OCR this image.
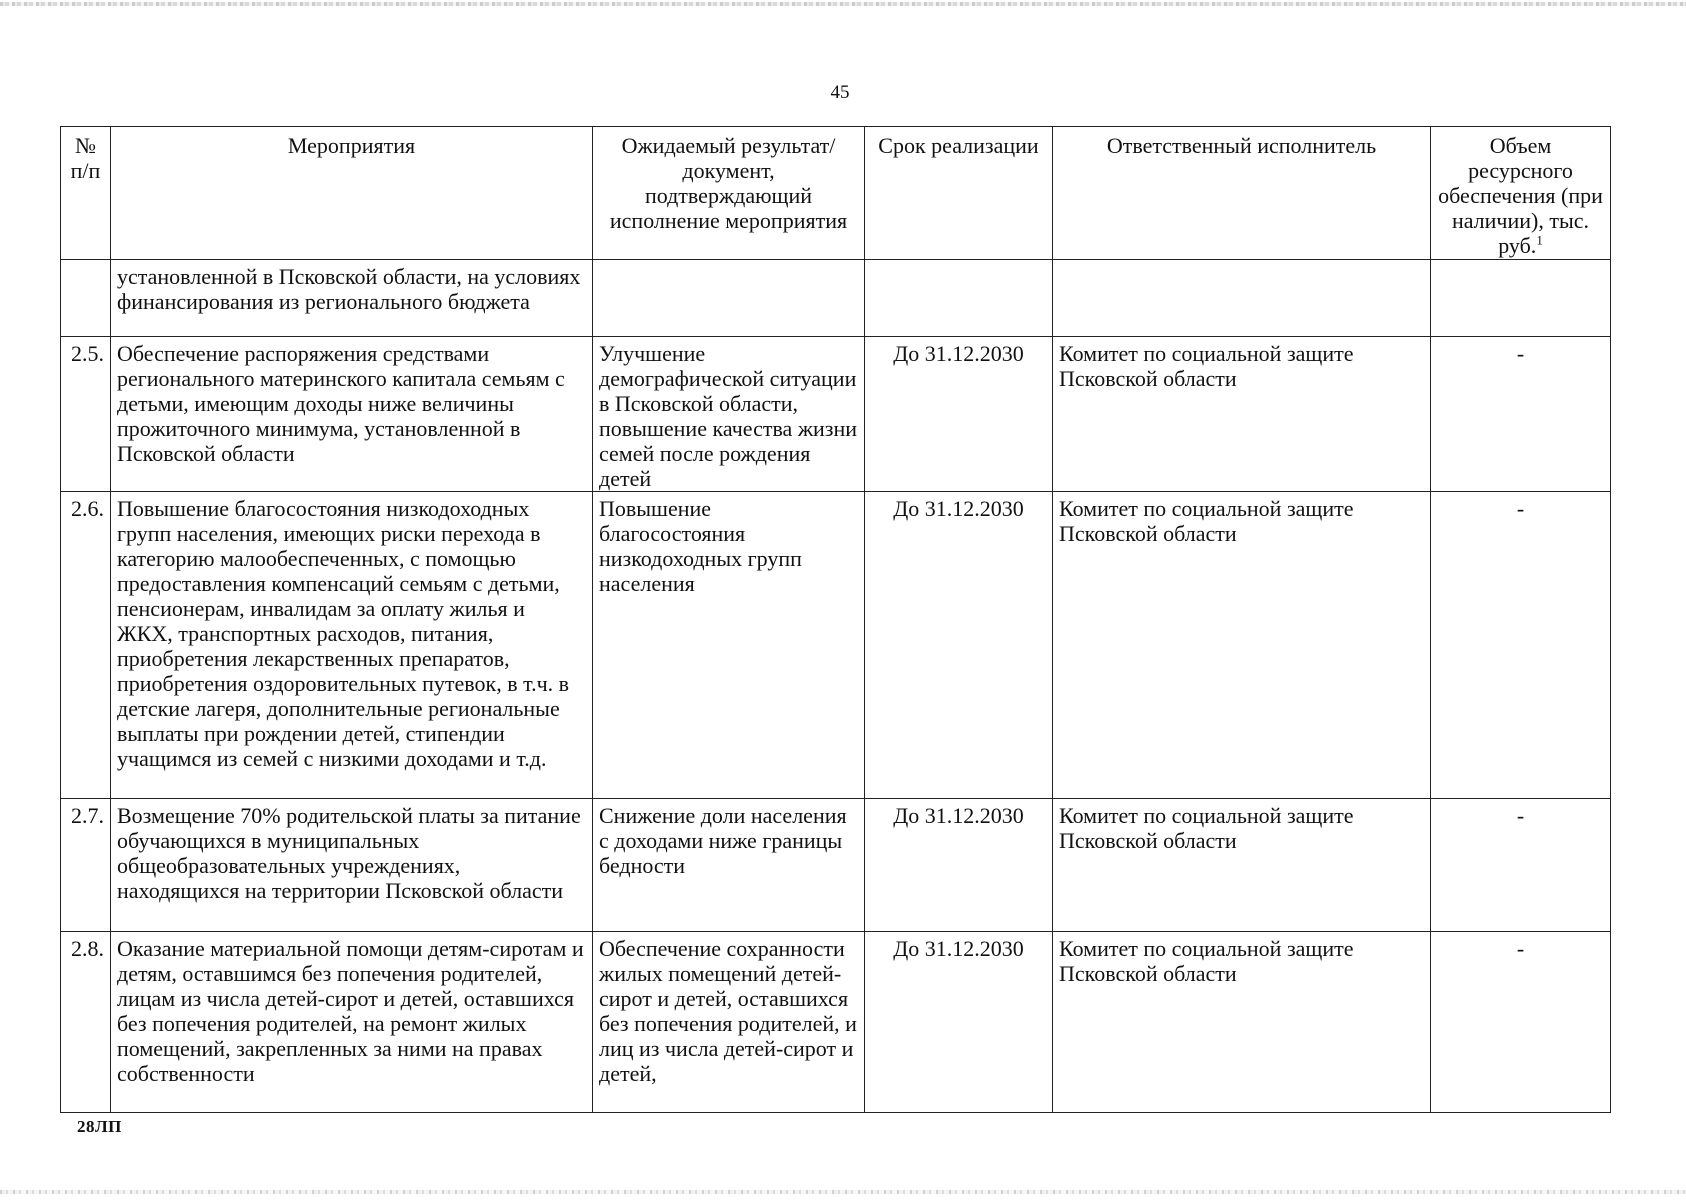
45
№ п/п	Мероприятия	Ожидаемый результат/документ, подтверждающий исполнение мероприятия	Срок реализации	Ответственный исполнитель	Объем ресурсного обеспечения (при наличии), тыс. руб.$^1$
	установленной в Псковской области, на условиях финансирования из регионального бюджета				
2.5.	Обеспечение распоряжения средствами регионального материнского капитала семьям с детьми, имеющим доходы ниже величины прожиточного минимума, установленной в Псковской области	Улучшение демографической ситуации в Псковской области, повышение качества жизни семей после рождения детей	До 31.12.2030	Комитет по социальной защите Псковской области	-
2.6.	Повышение благосостояния низкодоходных групп населения, имеющих риски перехода в категорию малообеспеченных, с помощью предоставления компенсаций семьям с детьми, пенсионерам, инвалидам за оплату жилья и ЖКХ, транспортных расходов, питания, приобретения лекарственных препаратов, приобретения оздоровительных путевок, в т.ч. в детские лагеря, дополнительные региональные выплаты при рождении детей, стипендии учащимся из семей с низкими доходами и т.д.	Повышение благосостояния низкодоходных групп населения	До 31.12.2030	Комитет по социальной защите Псковской области	-
2.7.	Возмещение 70% родительской платы за питание обучающихся в муниципальных общеобразовательных учреждениях, находящихся на территории Псковской области	Снижение доли населения с доходами ниже границы бедности	До 31.12.2030	Комитет по социальной защите Псковской области	-
2.8.	Оказание материальной помощи детям-сиротам и детям, оставшимся без попечения родителей, лицам из числа детей-сирот и детей, оставшихся без попечения родителей, на ремонт жилых помещений, закрепленных за ними на правах собственности	Обеспечение сохранности жилых помещений детей-сирот и детей, оставшихся без попечения родителей, и лиц из числа детей-сирот и детей,	До 31.12.2030	Комитет по социальной защите Псковской области	-
28ЛП
